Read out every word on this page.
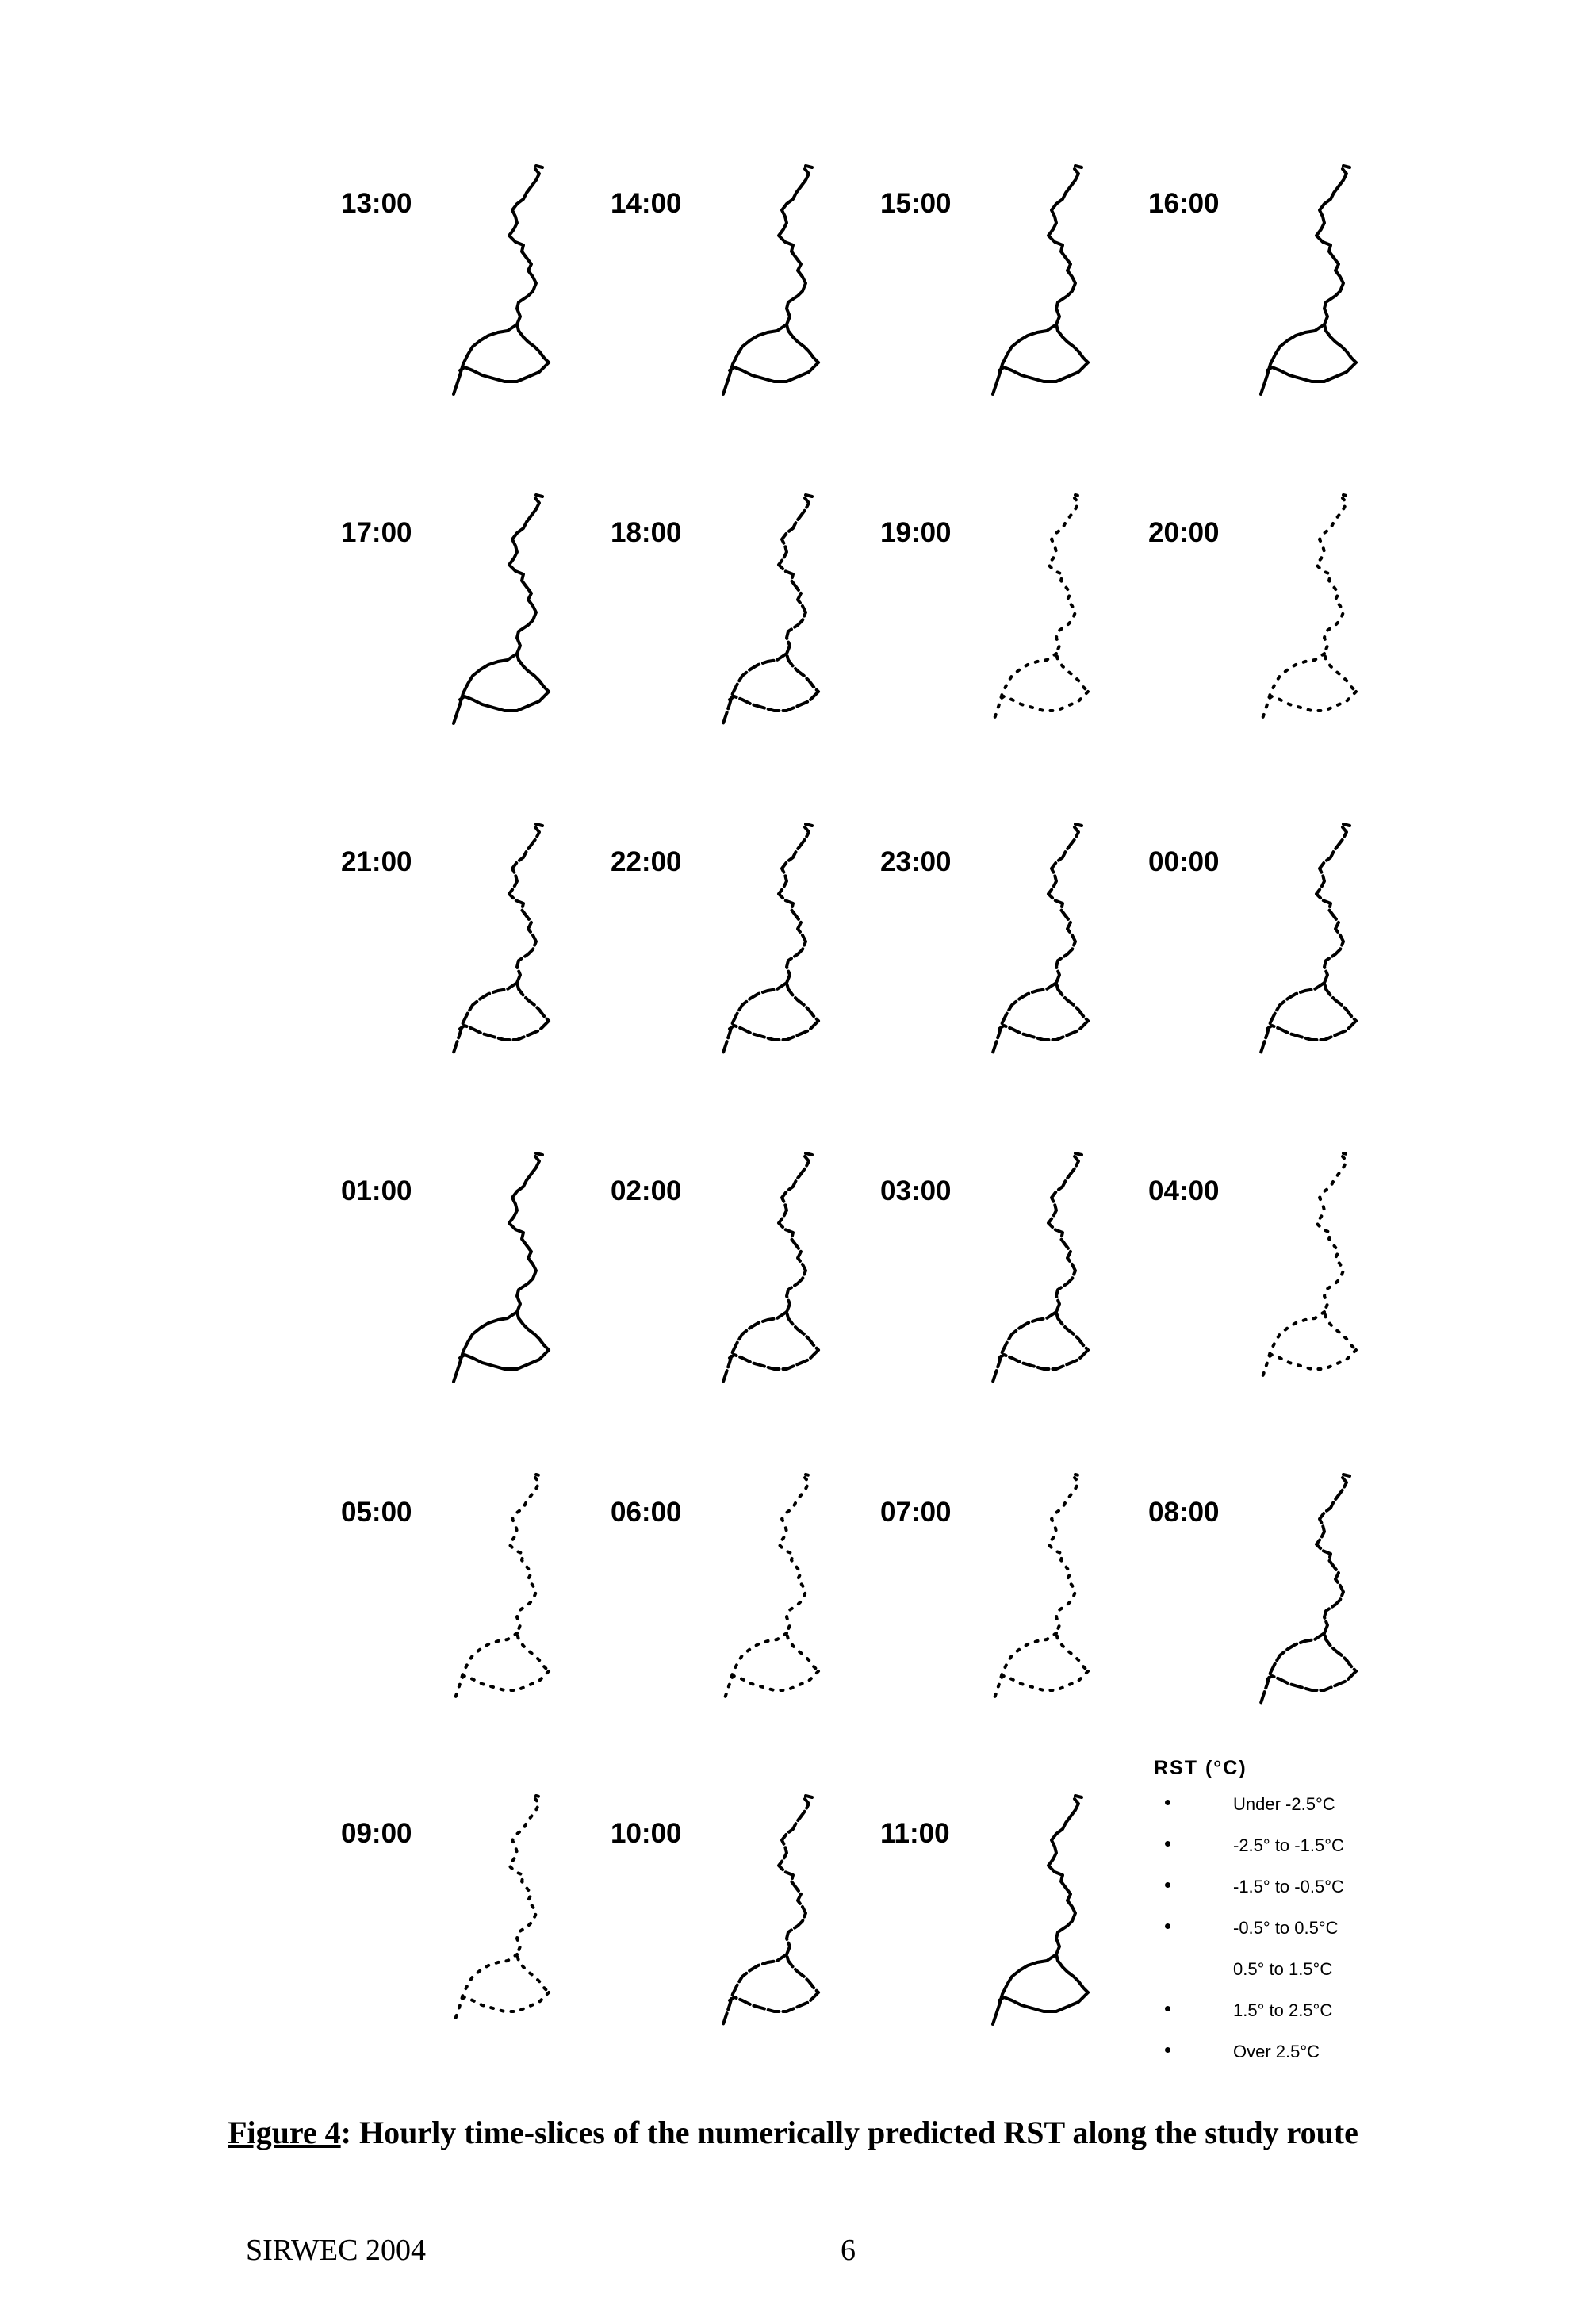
13:00	14:00	15:00	16:00
17:00	18:00	19:00	20:00
21:00	22:00	23:00	00:00
01:00	02:00	03:00	04:00
05:00	06:00	07:00	08:00
09:00	10:00	11:00
RST (°C)
Under -2.5°C
-2.5° to -1.5°C
-1.5° to -0.5°C
-0.5° to 0.5°C
0.5° to 1.5°C
1.5° to 2.5°C
Over 2.5°C
Figure 4: Hourly time-slices of the numerically predicted RST along the study route
SIRWEC 2004	6
